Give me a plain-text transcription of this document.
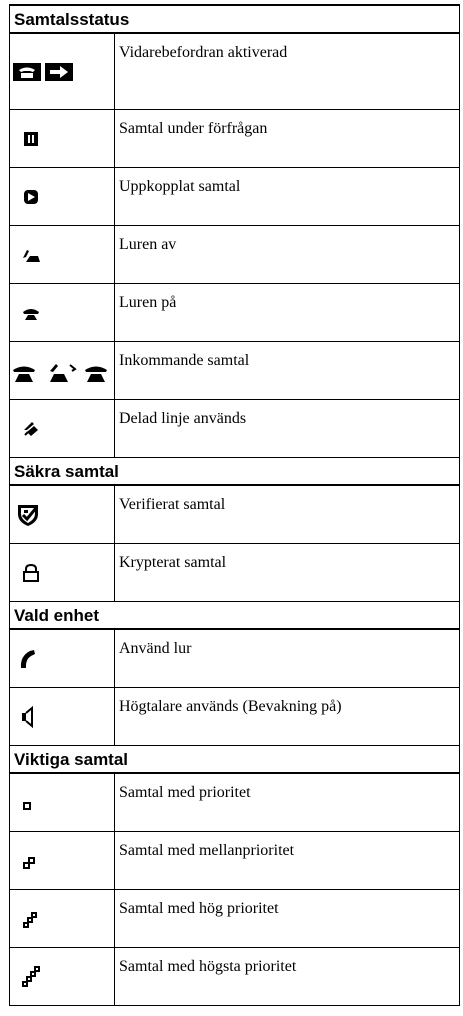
Samtalsstatus
Vidarebefordran aktiverad
Samtal under förfrågan
Uppkopplat samtal
Luren av
Luren på
Inkommande samtal
Delad linje används
Säkra samtal
Verifierat samtal
Krypterat samtal
Vald enhet
Använd lur
Högtalare används (Bevakning på)
Viktiga samtal
Samtal med prioritet
Samtal med mellanprioritet
Samtal med hög prioritet
Samtal med högsta prioritet
